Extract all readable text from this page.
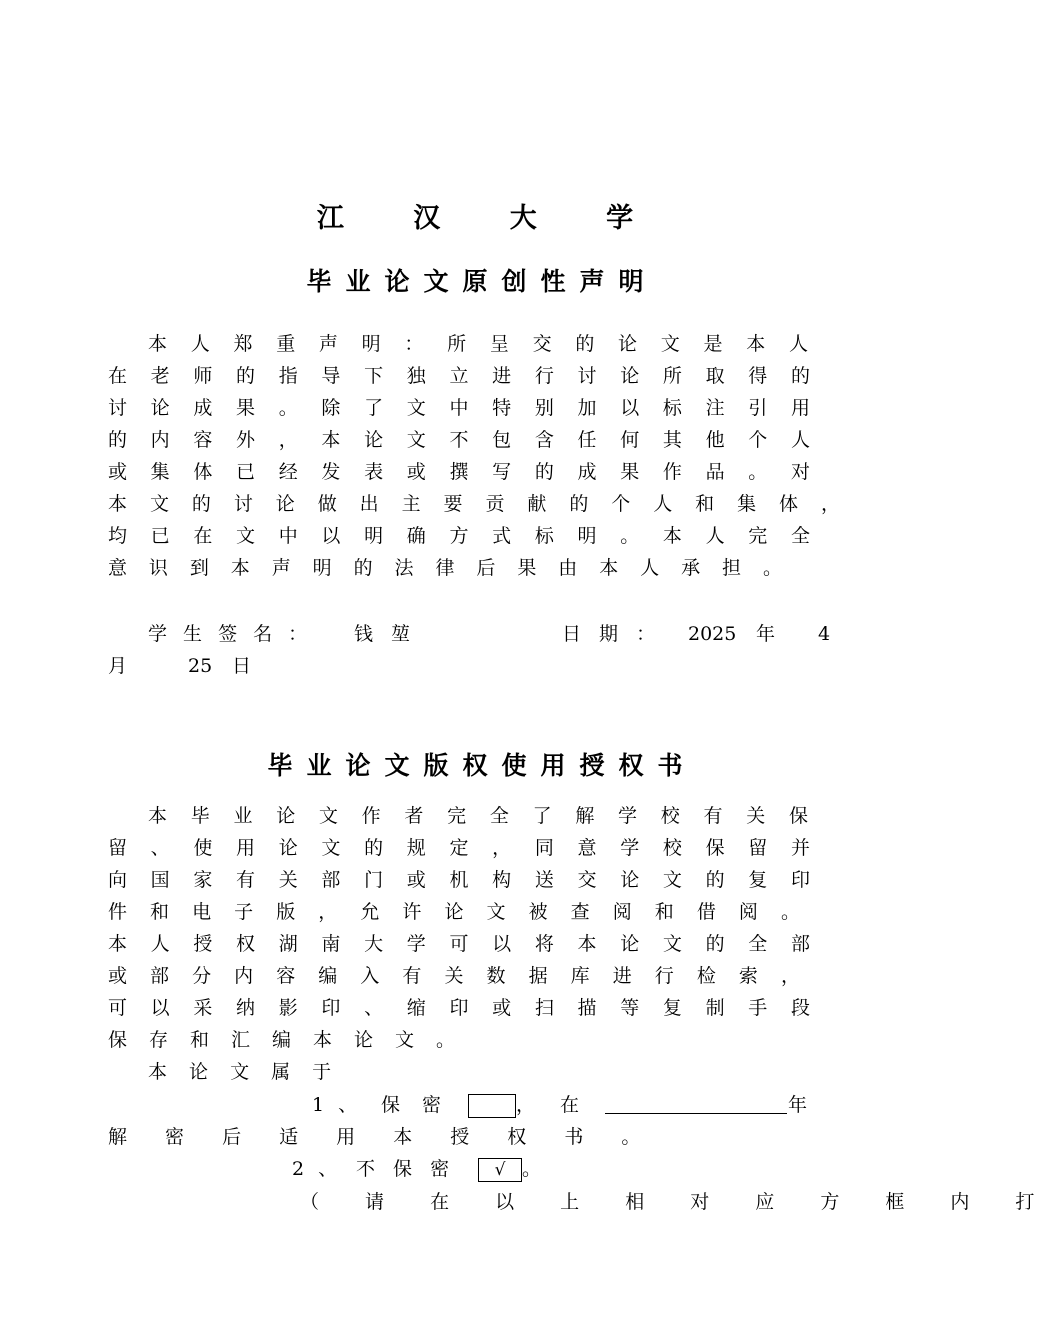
江 汉 大 学
毕业论文原创性声明
本人郑重声明：所呈交的论文是本人
在老师的指导下独立进行讨论所取得的
讨论成果。除了文中特别加以标注引用
的内容外，本论文不包含任何其他个人
或集体已经发表或撰写的成果作品。对
本文的讨论做出主要贡献的个人和集体，
均已在文中以明确方式标明。本人完全
意识到本声明的法律后果由本人承担。
学 生 签 名 ： 钱 堃	日 期 ： 2025 年 4
月	25 日
毕业论文版权使用授权书
本毕业论文作者完全了解学校有关保
留、使用论文的规定，同意学校保留并
向国家有关部门或机构送交论文的复印
件和电子版，允许论文被查阅和借阅。
本人授权湖南大学可以将本论文的全部
或部分内容编入有关数据库进行检索，
可以采纳影印、缩印或扫描等复制手段
保存和汇编本论文。
本 论 文 属 于
1 、 保 密	， 在	年
解 密 后 适 用 本 授 权 书 。
2 、 不 保 密	√ 。
（ 请 在 以 上 相 对 应 方 框 内 打
